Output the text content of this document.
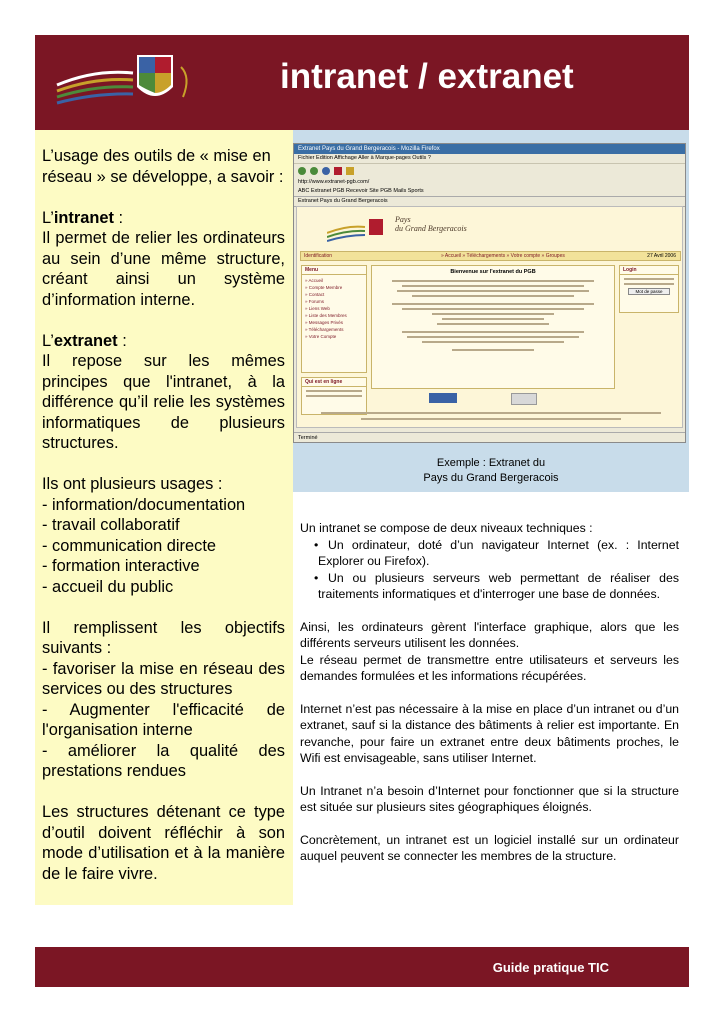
intranet / extranet

L’usage des outils de « mise en réseau » se développe, a savoir :

L’intranet :
Il permet de relier les ordinateurs au sein d’une même structure, créant ainsi un système d’information interne.

L’extranet :
Il repose sur les mêmes principes que l'intranet, à la différence qu’il relie les systèmes informatiques de plusieurs structures.

Ils ont plusieurs usages :
- information/documentation
- travail collaboratif
- communication directe
- formation interactive
- accueil du public

Il remplissent les objectifs suivants :
- favoriser la mise en réseau des services ou des structures
- Augmenter l'efficacité de l'organisation interne
- améliorer la qualité des prestations rendues

Les structures détenant ce type d’outil doivent réfléchir à son mode d’utilisation et à la manière de le faire vivre.

Extranet Pays du Grand Bergeracois - Mozilla Firefox
Fichier Edition Affichage Aller à Marque-pages Outils ?
http://www.extranet-pgb.com/
ABC Extranet PGB Recevoir Site PGB Mails Sports
Extranet Pays du Grand Bergeracois
Pays
du Grand Bergeracois
Identification	» Accueil » Téléchargements » Votre compte » Groupes	27 Avril 2006
Menu
» Accueil
» Compte Membre
» Contact
» Forums
» Liens Web
» Liste des Membres
» Messages Privés
» Téléchargements
» Votre Compte
Qui est en ligne
Bienvenue sur l'extranet du PGB	Login
Mot de passe
Terminé
Exemple : Extranet du
Pays du Grand Bergeracois
Un intranet se compose de deux niveaux techniques :
• Un ordinateur, doté d’un navigateur Internet (ex. : Internet Explorer ou Firefox).
• Un ou plusieurs serveurs web permettant de réaliser des traitements informatiques et d'interroger une base de données.

Ainsi, les ordinateurs gèrent l'interface graphique, alors que les différents serveurs utilisent les données.
Le réseau permet de transmettre entre utilisateurs et serveurs les demandes formulées et les informations récupérées.

Internet n’est pas nécessaire à la mise en place d’un intranet ou d’un extranet, sauf si la distance des bâtiments à relier est importante. En revanche, pour faire un extranet entre deux bâtiments proches, le Wifi est envisageable, sans utiliser Internet.

Un Intranet n’a besoin d’Internet pour fonctionner que si la structure est située sur plusieurs sites géographiques éloignés.

Concrètement, un intranet est un logiciel installé sur un ordinateur auquel peuvent se connecter les membres de la structure.

Guide pratique TIC
